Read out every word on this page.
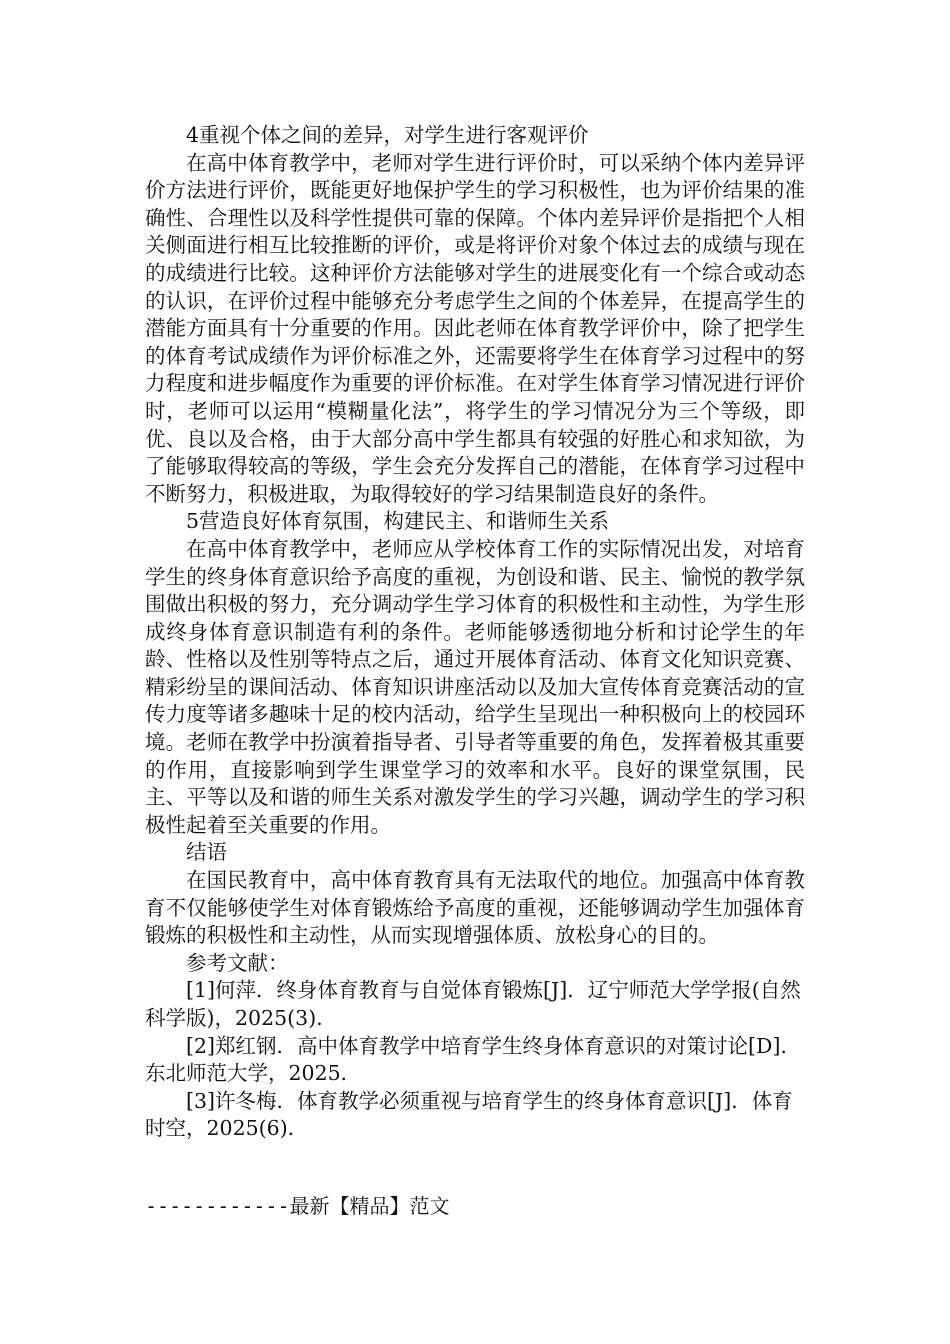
4重视个体之间的差异，对学生进行客观评价

在高中体育教学中，老师对学生进行评价时，可以采纳个体内差异评价方法进行评价，既能更好地保护学生的学习积极性，也为评价结果的准确性、合理性以及科学性提供可靠的保障。个体内差异评价是指把个人相关侧面进行相互比较推断的评价，或是将评价对象个体过去的成绩与现在的成绩进行比较。这种评价方法能够对学生的进展变化有一个综合或动态的认识，在评价过程中能够充分考虑学生之间的个体差异，在提高学生的潜能方面具有十分重要的作用。因此老师在体育教学评价中，除了把学生的体育考试成绩作为评价标准之外，还需要将学生在体育学习过程中的努力程度和进步幅度作为重要的评价标准。在对学生体育学习情况进行评价时，老师可以运用“模糊量化法”，将学生的学习情况分为三个等级，即优、良以及合格，由于大部分高中学生都具有较强的好胜心和求知欲，为了能够取得较高的等级，学生会充分发挥自己的潜能，在体育学习过程中不断努力，积极进取，为取得较好的学习结果制造良好的条件。

5营造良好体育氛围，构建民主、和谐师生关系

在高中体育教学中，老师应从学校体育工作的实际情况出发，对培育学生的终身体育意识给予高度的重视，为创设和谐、民主、愉悦的教学氛围做出积极的努力，充分调动学生学习体育的积极性和主动性，为学生形成终身体育意识制造有利的条件。老师能够透彻地分析和讨论学生的年龄、性格以及性别等特点之后，通过开展体育活动、体育文化知识竞赛、精彩纷呈的课间活动、体育知识讲座活动以及加大宣传体育竞赛活动的宣传力度等诸多趣味十足的校内活动，给学生呈现出一种积极向上的校园环境。老师在教学中扮演着指导者、引导者等重要的角色，发挥着极其重要的作用，直接影响到学生课堂学习的效率和水平。良好的课堂氛围，民主、平等以及和谐的师生关系对激发学生的学习兴趣，调动学生的学习积极性起着至关重要的作用。

结语

在国民教育中，高中体育教育具有无法取代的地位。加强高中体育教育不仅能够使学生对体育锻炼给予高度的重视，还能够调动学生加强体育锻炼的积极性和主动性，从而实现增强体质、放松身心的目的。

参考文献：

[1]何萍．终身体育教育与自觉体育锻炼[J]．辽宁师范大学学报(自然科学版)，2025(3)．

[2]郑红钢．高中体育教学中培育学生终身体育意识的对策讨论[D]．东北师范大学，2025．

[3]许冬梅．体育教学必须重视与培育学生的终身体育意识[J]．体育时空，2025(6)．

------------最新【精品】范文
